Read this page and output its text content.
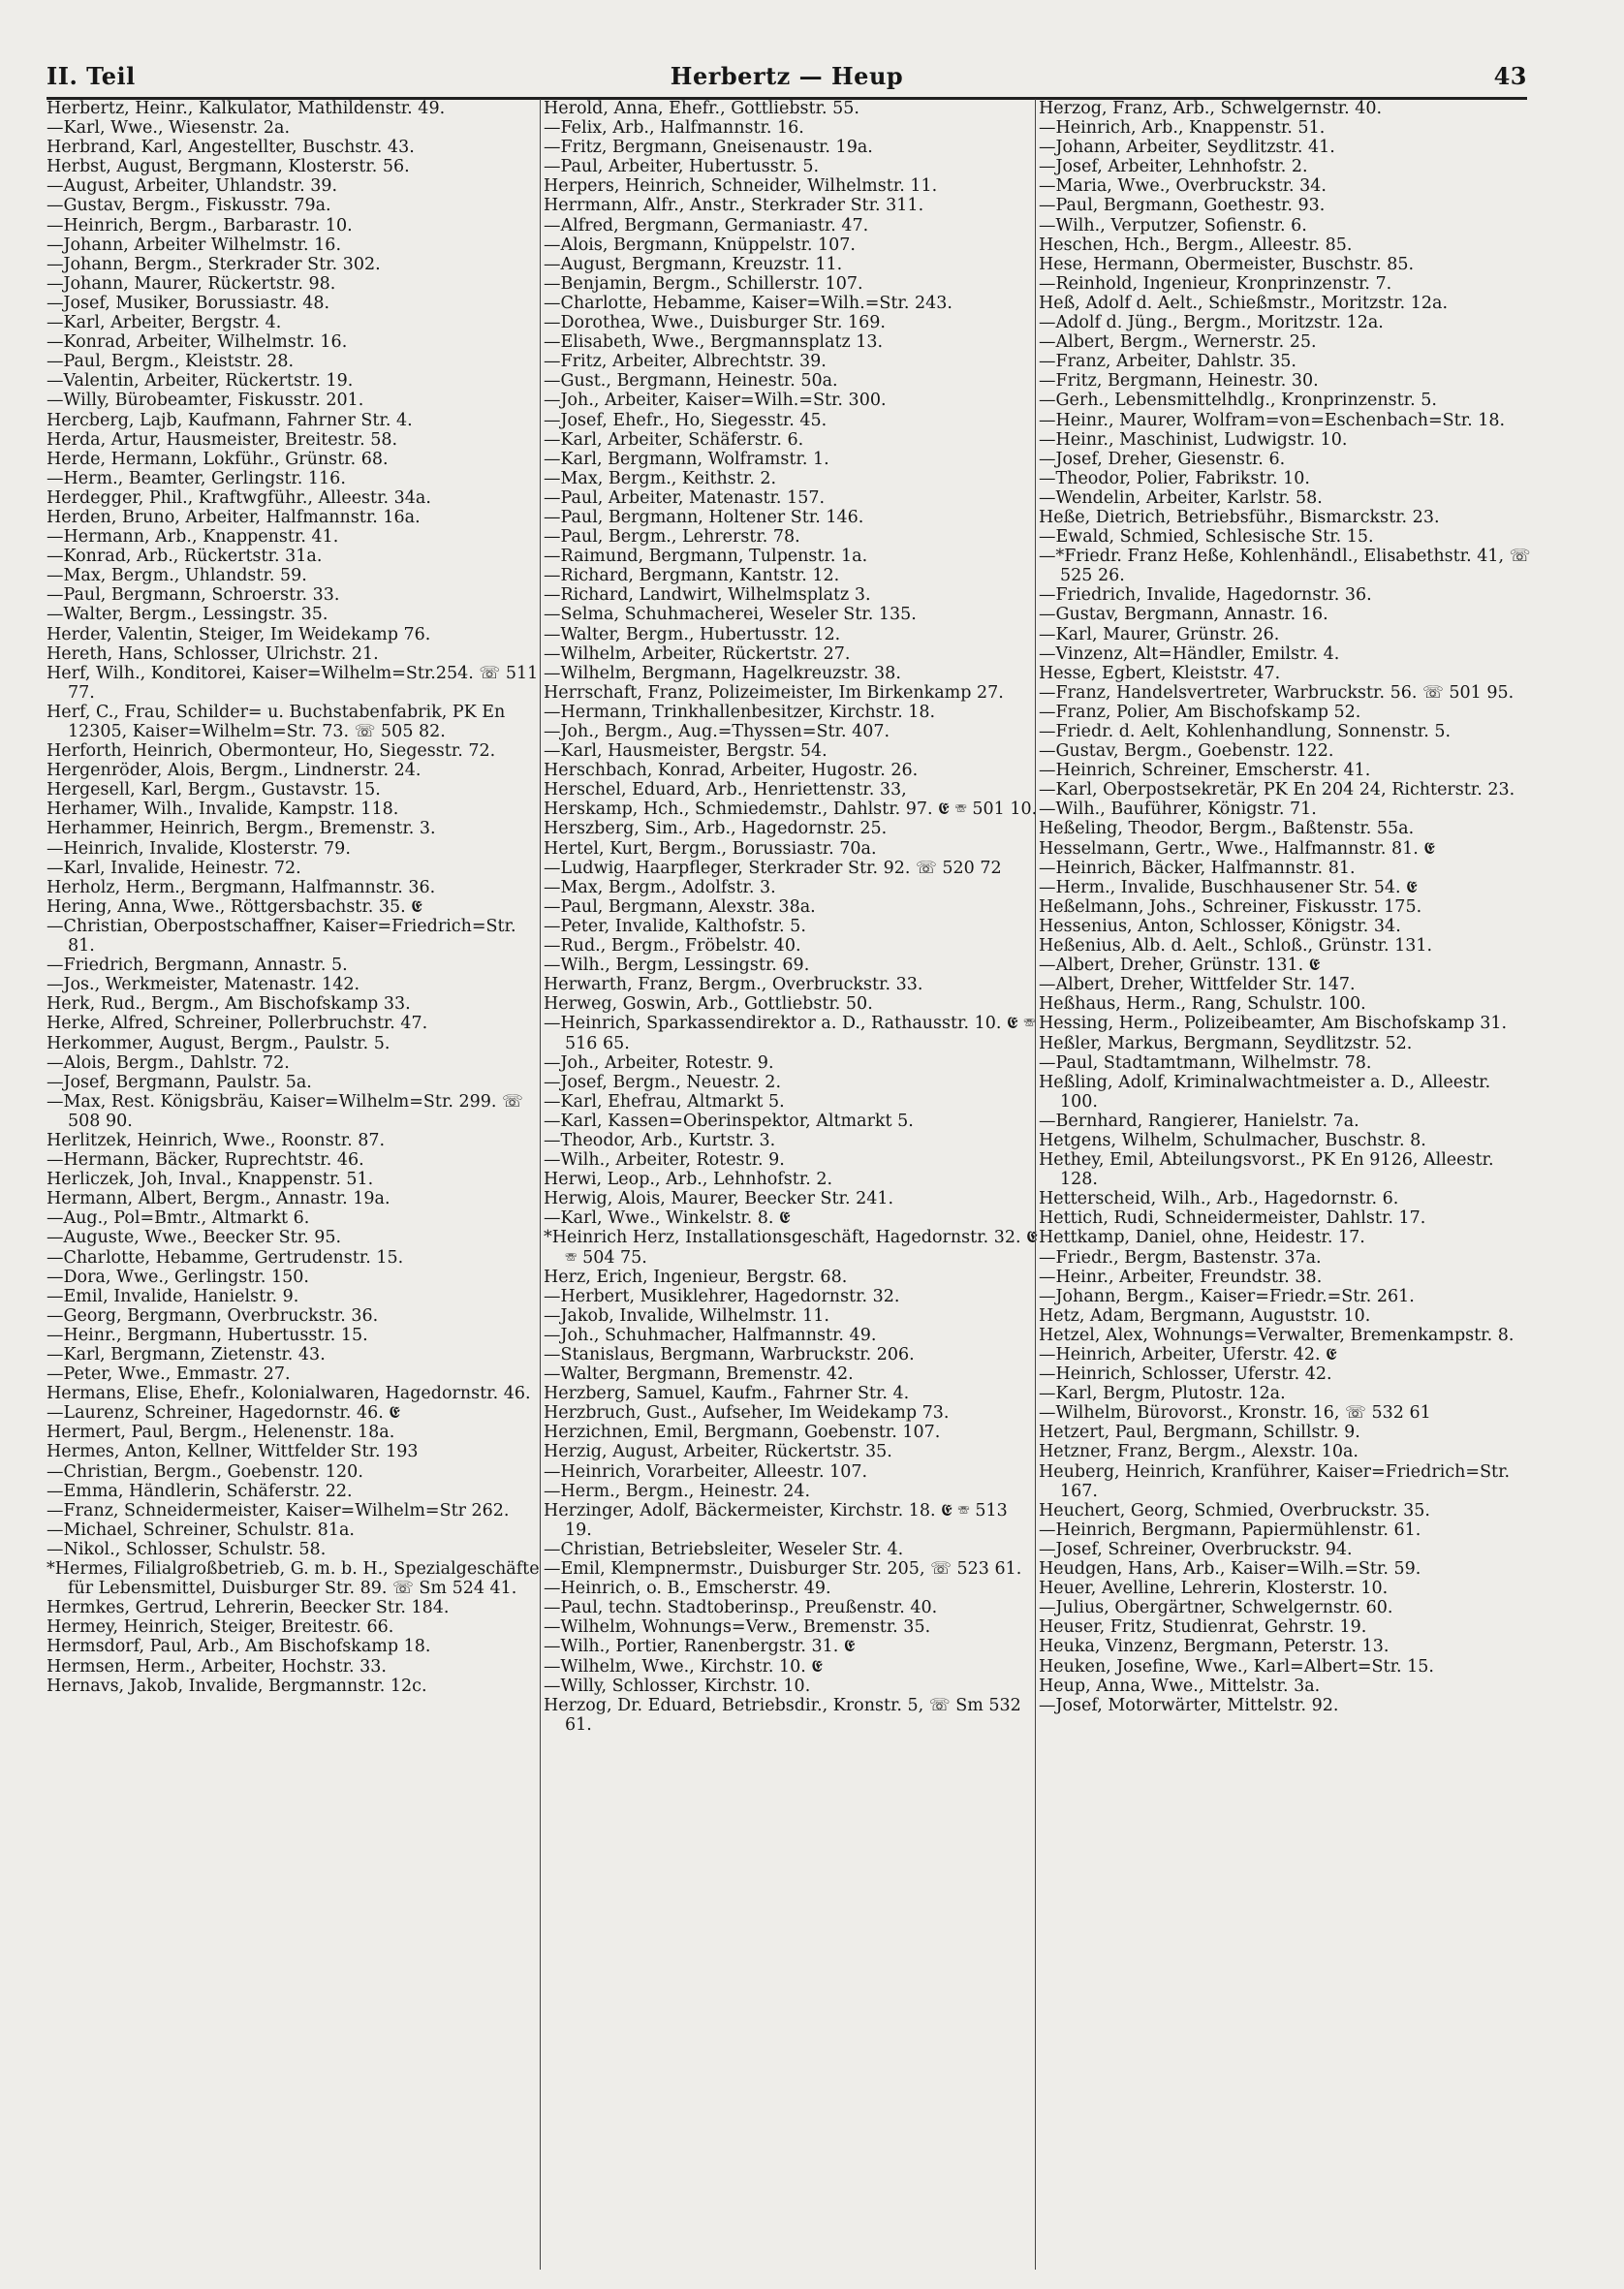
II. Teil	Herbertz — Heup	43
Herbertz, Heinr., Kalkulator, Mathildenstr. 49.
—Karl, Wwe., Wiesenstr. 2a.
Herbrand, Karl, Angestellter, Buschstr. 43.
Herbst, August, Bergmann, Klosterstr. 56.
—August, Arbeiter, Uhlandstr. 39.
—Gustav, Bergm., Fiskusstr. 79a.
—Heinrich, Bergm., Barbarastr. 10.
—Johann, Arbeiter Wilhelmstr. 16.
—Johann, Bergm., Sterkrader Str. 302.
—Johann, Maurer, Rückertstr. 98.
—Josef, Musiker, Borussiastr. 48.
—Karl, Arbeiter, Bergstr. 4.
—Konrad, Arbeiter, Wilhelmstr. 16.
—Paul, Bergm., Kleiststr. 28.
—Valentin, Arbeiter, Rückertstr. 19.
—Willy, Bürobeamter, Fiskusstr. 201.
Hercberg, Lajb, Kaufmann, Fahrner Str. 4.
Herda, Artur, Hausmeister, Breitestr. 58.
Herde, Hermann, Lokführ., Grünstr. 68.
—Herm., Beamter, Gerlingstr. 116.
Herdegger, Phil., Kraftwgführ., Alleestr. 34a.
Herden, Bruno, Arbeiter, Halfmannstr. 16a.
—Hermann, Arb., Knappenstr. 41.
—Konrad, Arb., Rückertstr. 31a.
—Max, Bergm., Uhlandstr. 59.
—Paul, Bergmann, Schroerstr. 33.
—Walter, Bergm., Lessingstr. 35.
Herder, Valentin, Steiger, Im Weidekamp 76.
Hereth, Hans, Schlosser, Ulrichstr. 21.
Herf, Wilh., Konditorei, Kaiser=Wilhelm=Str.254. ☏ 511 77.
Herf, C., Frau, Schilder= u. Buchstabenfabrik, PK En 12305, Kaiser=Wilhelm=Str. 73. ☏ 505 82.
Herforth, Heinrich, Obermonteur, Ho, Siegesstr. 72.
Hergenröder, Alois, Bergm., Lindnerstr. 24.
Hergesell, Karl, Bergm., Gustavstr. 15.
Herhamer, Wilh., Invalide, Kampstr. 118.
Herhammer, Heinrich, Bergm., Bremenstr. 3.
—Heinrich, Invalide, Klosterstr. 79.
—Karl, Invalide, Heinestr. 72.
Herholz, Herm., Bergmann, Halfmannstr. 36.
Hering, Anna, Wwe., Röttgersbachstr. 35. 𝕰
—Christian, Oberpostschaffner, Kaiser=Friedrich=Str. 81.
—Friedrich, Bergmann, Annastr. 5.
—Jos., Werkmeister, Matenastr. 142.
Herk, Rud., Bergm., Am Bischofskamp 33.
Herke, Alfred, Schreiner, Pollerbruchstr. 47.
Herkommer, August, Bergm., Paulstr. 5.
—Alois, Bergm., Dahlstr. 72.
—Josef, Bergmann, Paulstr. 5a.
—Max, Rest. Königsbräu, Kaiser=Wilhelm=Str. 299. ☏ 508 90.
Herlitzek, Heinrich, Wwe., Roonstr. 87.
—Hermann, Bäcker, Ruprechtstr. 46.
Herliczek, Joh, Inval., Knappenstr. 51.
Hermann, Albert, Bergm., Annastr. 19a.
—Aug., Pol=Bmtr., Altmarkt 6.
—Auguste, Wwe., Beecker Str. 95.
—Charlotte, Hebamme, Gertrudenstr. 15.
—Dora, Wwe., Gerlingstr. 150.
—Emil, Invalide, Hanielstr. 9.
—Georg, Bergmann, Overbruckstr. 36.
—Heinr., Bergmann, Hubertusstr. 15.
—Karl, Bergmann, Zietenstr. 43.
—Peter, Wwe., Emmastr. 27.
Hermans, Elise, Ehefr., Kolonialwaren, Hagedornstr. 46.
—Laurenz, Schreiner, Hagedornstr. 46. 𝕰
Hermert, Paul, Bergm., Helenenstr. 18a.
Hermes, Anton, Kellner, Wittfelder Str. 193
—Christian, Bergm., Goebenstr. 120.
—Emma, Händlerin, Schäferstr. 22.
—Franz, Schneidermeister, Kaiser=Wilhelm=Str 262.
—Michael, Schreiner, Schulstr. 81a.
—Nikol., Schlosser, Schulstr. 58.
*Hermes, Filialgroßbetrieb, G. m. b. H., Spezialgeschäfte für Lebensmittel, Duisburger Str. 89. ☏ Sm 524 41.
Hermkes, Gertrud, Lehrerin, Beecker Str. 184.
Hermey, Heinrich, Steiger, Breitestr. 66.
Hermsdorf, Paul, Arb., Am Bischofskamp 18.
Hermsen, Herm., Arbeiter, Hochstr. 33.
Hernavs, Jakob, Invalide, Bergmannstr. 12c.
Herold, Anna, Ehefr., Gottliebstr. 55.
—Felix, Arb., Halfmannstr. 16.
—Fritz, Bergmann, Gneisenaustr. 19a.
—Paul, Arbeiter, Hubertusstr. 5.
Herpers, Heinrich, Schneider, Wilhelmstr. 11.
Herrmann, Alfr., Anstr., Sterkrader Str. 311.
—Alfred, Bergmann, Germaniastr. 47.
—Alois, Bergmann, Knüppelstr. 107.
—August, Bergmann, Kreuzstr. 11.
—Benjamin, Bergm., Schillerstr. 107.
—Charlotte, Hebamme, Kaiser=Wilh.=Str. 243.
—Dorothea, Wwe., Duisburger Str. 169.
—Elisabeth, Wwe., Bergmannsplatz 13.
—Fritz, Arbeiter, Albrechtstr. 39.
—Gust., Bergmann, Heinestr. 50a.
—Joh., Arbeiter, Kaiser=Wilh.=Str. 300.
—Josef, Ehefr., Ho, Siegesstr. 45.
—Karl, Arbeiter, Schäferstr. 6.
—Karl, Bergmann, Wolframstr. 1.
—Max, Bergm., Keithstr. 2.
—Paul, Arbeiter, Matenastr. 157.
—Paul, Bergmann, Holtener Str. 146.
—Paul, Bergm., Lehrerstr. 78.
—Raimund, Bergmann, Tulpenstr. 1a.
—Richard, Bergmann, Kantstr. 12.
—Richard, Landwirt, Wilhelmsplatz 3.
—Selma, Schuhmacherei, Weseler Str. 135.
—Walter, Bergm., Hubertusstr. 12.
—Wilhelm, Arbeiter, Rückertstr. 27.
—Wilhelm, Bergmann, Hagelkreuzstr. 38.
Herrschaft, Franz, Polizeimeister, Im Birkenkamp 27.
—Hermann, Trinkhallenbesitzer, Kirchstr. 18.
—Joh., Bergm., Aug.=Thyssen=Str. 407.
—Karl, Hausmeister, Bergstr. 54.
Herschbach, Konrad, Arbeiter, Hugostr. 26.
Herschel, Eduard, Arb., Henriettenstr. 33,
Herskamp, Hch., Schmiedemstr., Dahlstr. 97. 𝕰 ☏ 501 10.
Herszberg, Sim., Arb., Hagedornstr. 25.
Hertel, Kurt, Bergm., Borussiastr. 70a.
—Ludwig, Haarpfleger, Sterkrader Str. 92. ☏ 520 72
—Max, Bergm., Adolfstr. 3.
—Paul, Bergmann, Alexstr. 38a.
—Peter, Invalide, Kalthofstr. 5.
—Rud., Bergm., Fröbelstr. 40.
—Wilh., Bergm, Lessingstr. 69.
Herwarth, Franz, Bergm., Overbruckstr. 33.
Herweg, Goswin, Arb., Gottliebstr. 50.
—Heinrich, Sparkassendirektor a. D., Rathausstr. 10. 𝕰 ☏ 516 65.
—Joh., Arbeiter, Rotestr. 9.
—Josef, Bergm., Neuestr. 2.
—Karl, Ehefrau, Altmarkt 5.
—Karl, Kassen=Oberinspektor, Altmarkt 5.
—Theodor, Arb., Kurtstr. 3.
—Wilh., Arbeiter, Rotestr. 9.
Herwi, Leop., Arb., Lehnhofstr. 2.
Herwig, Alois, Maurer, Beecker Str. 241.
—Karl, Wwe., Winkelstr. 8. 𝕰
*Heinrich Herz, Installationsgeschäft, Hagedornstr. 32. 𝕰 ☏ 504 75.
Herz, Erich, Ingenieur, Bergstr. 68.
—Herbert, Musiklehrer, Hagedornstr. 32.
—Jakob, Invalide, Wilhelmstr. 11.
—Joh., Schuhmacher, Halfmannstr. 49.
—Stanislaus, Bergmann, Warbruckstr. 206.
—Walter, Bergmann, Bremenstr. 42.
Herzberg, Samuel, Kaufm., Fahrner Str. 4.
Herzbruch, Gust., Aufseher, Im Weidekamp 73.
Herzichnen, Emil, Bergmann, Goebenstr. 107.
Herzig, August, Arbeiter, Rückertstr. 35.
—Heinrich, Vorarbeiter, Alleestr. 107.
—Herm., Bergm., Heinestr. 24.
Herzinger, Adolf, Bäckermeister, Kirchstr. 18. 𝕰 ☏ 513 19.
—Christian, Betriebsleiter, Weseler Str. 4.
—Emil, Klempnermstr., Duisburger Str. 205, ☏ 523 61.
—Heinrich, o. B., Emscherstr. 49.
—Paul, techn. Stadtoberinsp., Preußenstr. 40.
—Wilhelm, Wohnungs=Verw., Bremenstr. 35.
—Wilh., Portier, Ranenbergstr. 31. 𝕰
—Wilhelm, Wwe., Kirchstr. 10. 𝕰
—Willy, Schlosser, Kirchstr. 10.
Herzog, Dr. Eduard, Betriebsdir., Kronstr. 5, ☏ Sm 532 61.
Herzog, Franz, Arb., Schwelgernstr. 40.
—Heinrich, Arb., Knappenstr. 51.
—Johann, Arbeiter, Seydlitzstr. 41.
—Josef, Arbeiter, Lehnhofstr. 2.
—Maria, Wwe., Overbruckstr. 34.
—Paul, Bergmann, Goethestr. 93.
—Wilh., Verputzer, Sofienstr. 6.
Heschen, Hch., Bergm., Alleestr. 85.
Hese, Hermann, Obermeister, Buschstr. 85.
—Reinhold, Ingenieur, Kronprinzenstr. 7.
Heß, Adolf d. Aelt., Schießmstr., Moritzstr. 12a.
—Adolf d. Jüng., Bergm., Moritzstr. 12a.
—Albert, Bergm., Wernerstr. 25.
—Franz, Arbeiter, Dahlstr. 35.
—Fritz, Bergmann, Heinestr. 30.
—Gerh., Lebensmittelhdlg., Kronprinzenstr. 5.
—Heinr., Maurer, Wolfram=von=Eschenbach=Str. 18.
—Heinr., Maschinist, Ludwigstr. 10.
—Josef, Dreher, Giesenstr. 6.
—Theodor, Polier, Fabrikstr. 10.
—Wendelin, Arbeiter, Karlstr. 58.
Heße, Dietrich, Betriebsführ., Bismarckstr. 23.
—Ewald, Schmied, Schlesische Str. 15.
—*Friedr. Franz Heße, Kohlenhändl., Elisabethstr. 41, ☏ 525 26.
—Friedrich, Invalide, Hagedornstr. 36.
—Gustav, Bergmann, Annastr. 16.
—Karl, Maurer, Grünstr. 26.
—Vinzenz, Alt=Händler, Emilstr. 4.
Hesse, Egbert, Kleiststr. 47.
—Franz, Handelsvertreter, Warbruckstr. 56. ☏ 501 95.
—Franz, Polier, Am Bischofskamp 52.
—Friedr. d. Aelt, Kohlenhandlung, Sonnenstr. 5.
—Gustav, Bergm., Goebenstr. 122.
—Heinrich, Schreiner, Emscherstr. 41.
—Karl, Oberpostsekretär, PK En 204 24, Richterstr. 23.
—Wilh., Bauführer, Königstr. 71.
Heßeling, Theodor, Bergm., Baßtenstr. 55a.
Hesselmann, Gertr., Wwe., Halfmannstr. 81. 𝕰
—Heinrich, Bäcker, Halfmannstr. 81.
—Herm., Invalide, Buschhausener Str. 54. 𝕰
Heßelmann, Johs., Schreiner, Fiskusstr. 175.
Hessenius, Anton, Schlosser, Königstr. 34.
Heßenius, Alb. d. Aelt., Schloß., Grünstr. 131.
—Albert, Dreher, Grünstr. 131. 𝕰
—Albert, Dreher, Wittfelder Str. 147.
Heßhaus, Herm., Rang, Schulstr. 100.
Hessing, Herm., Polizeibeamter, Am Bischofskamp 31.
Heßler, Markus, Bergmann, Seydlitzstr. 52.
—Paul, Stadtamtmann, Wilhelmstr. 78.
Heßling, Adolf, Kriminalwachtmeister a. D., Alleestr. 100.
—Bernhard, Rangierer, Hanielstr. 7a.
Hetgens, Wilhelm, Schulmacher, Buschstr. 8.
Hethey, Emil, Abteilungsvorst., PK En 9126, Alleestr. 128.
Hetterscheid, Wilh., Arb., Hagedornstr. 6.
Hettich, Rudi, Schneidermeister, Dahlstr. 17.
Hettkamp, Daniel, ohne, Heidestr. 17.
—Friedr., Bergm, Bastenstr. 37a.
—Heinr., Arbeiter, Freundstr. 38.
—Johann, Bergm., Kaiser=Friedr.=Str. 261.
Hetz, Adam, Bergmann, Auguststr. 10.
Hetzel, Alex, Wohnungs=Verwalter, Bremenkampstr. 8.
—Heinrich, Arbeiter, Uferstr. 42. 𝕰
—Heinrich, Schlosser, Uferstr. 42.
—Karl, Bergm, Plutostr. 12a.
—Wilhelm, Bürovorst., Kronstr. 16, ☏ 532 61
Hetzert, Paul, Bergmann, Schillstr. 9.
Hetzner, Franz, Bergm., Alexstr. 10a.
Heuberg, Heinrich, Kranführer, Kaiser=Friedrich=Str. 167.
Heuchert, Georg, Schmied, Overbruckstr. 35.
—Heinrich, Bergmann, Papiermühlenstr. 61.
—Josef, Schreiner, Overbruckstr. 94.
Heudgen, Hans, Arb., Kaiser=Wilh.=Str. 59.
Heuer, Avelline, Lehrerin, Klosterstr. 10.
—Julius, Obergärtner, Schwelgernstr. 60.
Heuser, Fritz, Studienrat, Gehrstr. 19.
Heuka, Vinzenz, Bergmann, Peterstr. 13.
Heuken, Josefine, Wwe., Karl=Albert=Str. 15.
Heup, Anna, Wwe., Mittelstr. 3a.
—Josef, Motorwärter, Mittelstr. 92.
